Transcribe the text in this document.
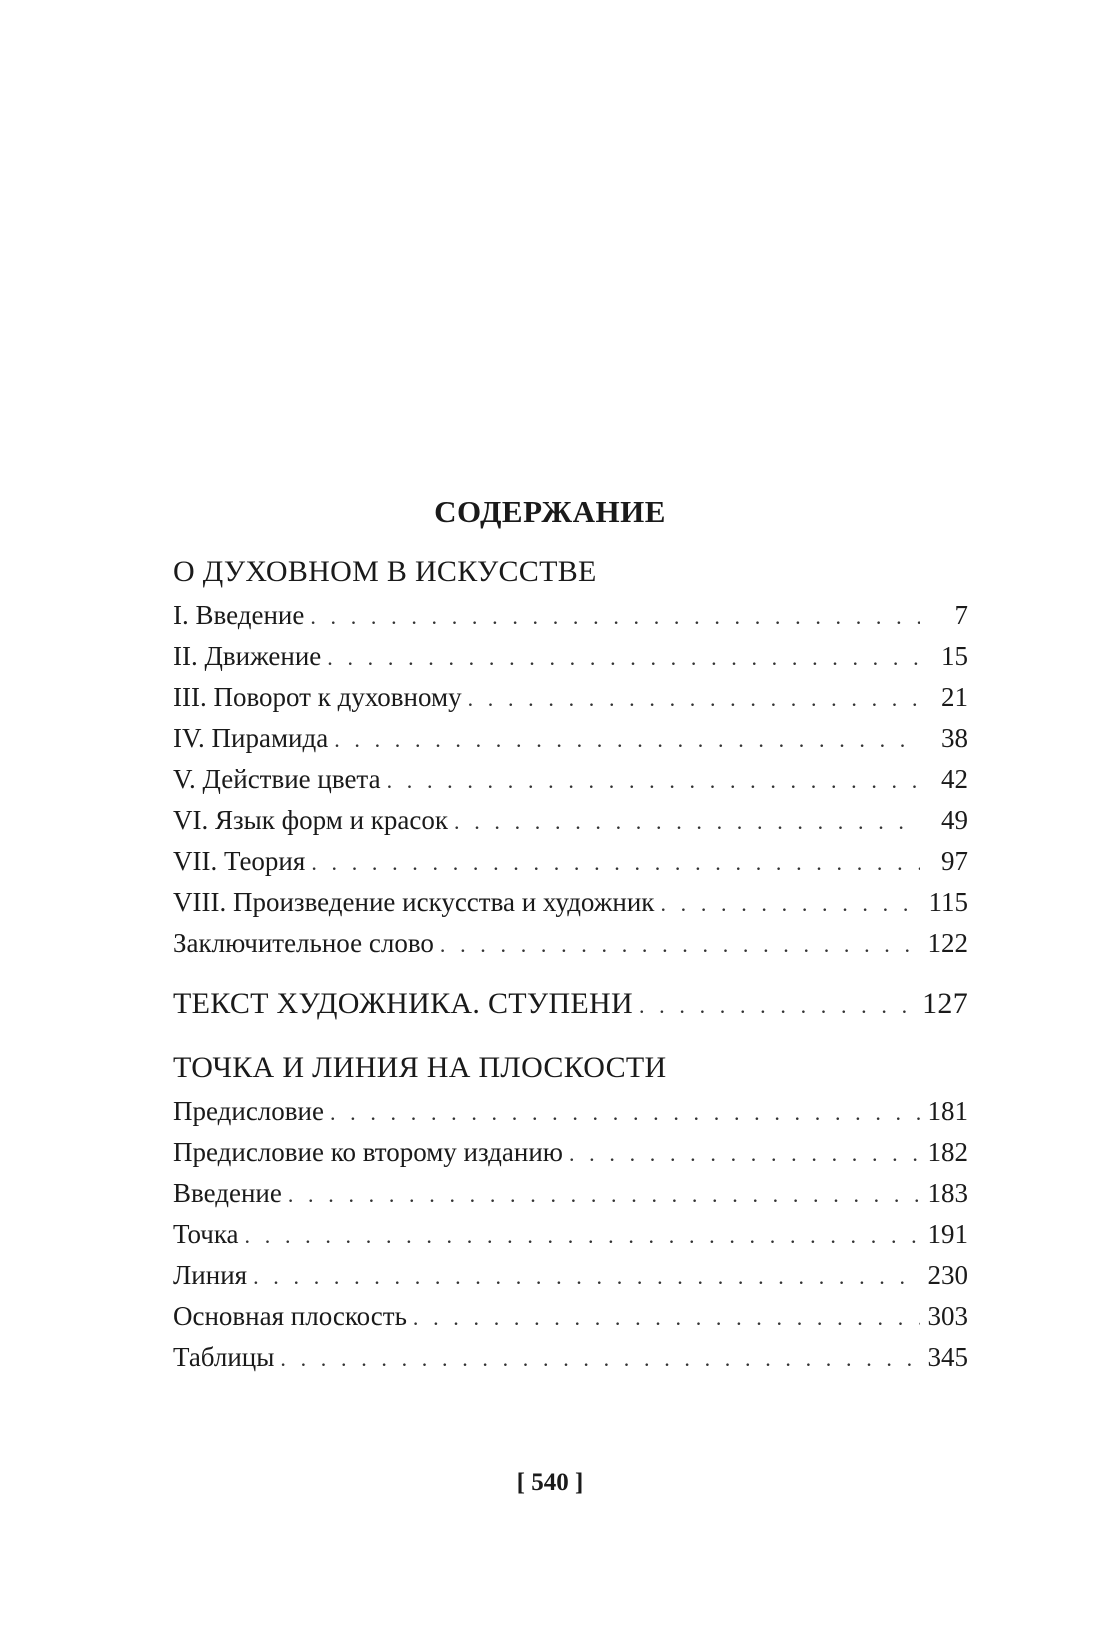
СОДЕРЖАНИЕ
О ДУХОВНОМ В ИСКУССТВЕ
I. Введение . . .	7
II. Движение . . .	15
III. Поворот к духовному . . .	21
IV. Пирамида . . .	38
V. Действие цвета . . .	42
VI. Язык форм и красок . . .	49
VII. Теория . . .	97
VIII. Произведение искусства и художник . . .	115
Заключительное слово . . .	122
ТЕКСТ ХУДОЖНИКА. СТУПЕНИ . . .	127
ТОЧКА И ЛИНИЯ НА ПЛОСКОСТИ
Предисловие . . .	181
Предисловие ко второму изданию . . .	182
Введение . . .	183
Точка . . .	191
Линия . . .	230
Основная плоскость . . .	303
Таблицы . . .	345
[ 540 ]
